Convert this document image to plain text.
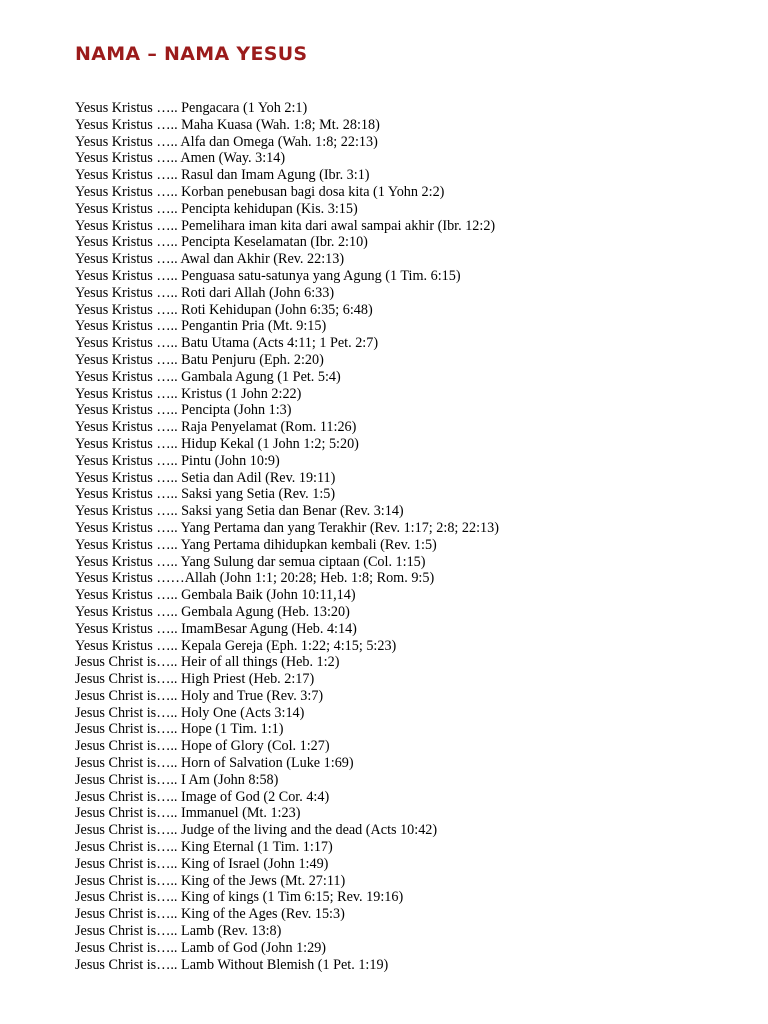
NAMA – NAMA YESUS
Yesus Kristus ….. Pengacara (1 Yoh 2:1)
Yesus Kristus ….. Maha Kuasa (Wah. 1:8; Mt. 28:18)
Yesus Kristus ….. Alfa dan Omega (Wah. 1:8; 22:13)
Yesus Kristus ….. Amen (Way. 3:14)
Yesus Kristus ….. Rasul dan Imam Agung (Ibr. 3:1)
Yesus Kristus ….. Korban penebusan bagi dosa kita (1 Yohn 2:2)
Yesus Kristus ….. Pencipta kehidupan (Kis. 3:15)
Yesus Kristus ….. Pemelihara iman kita dari awal sampai akhir (Ibr. 12:2)
Yesus Kristus ….. Pencipta Keselamatan (Ibr. 2:10)
Yesus Kristus ….. Awal dan Akhir (Rev. 22:13)
Yesus Kristus ….. Penguasa satu-satunya yang Agung (1 Tim. 6:15)
Yesus Kristus ….. Roti dari Allah (John 6:33)
Yesus Kristus ….. Roti Kehidupan (John 6:35; 6:48)
Yesus Kristus ….. Pengantin Pria (Mt. 9:15)
Yesus Kristus ….. Batu Utama (Acts 4:11; 1 Pet. 2:7)
Yesus Kristus ….. Batu Penjuru (Eph. 2:20)
Yesus Kristus ….. Gambala Agung (1 Pet. 5:4)
Yesus Kristus ….. Kristus (1 John 2:22)
Yesus Kristus ….. Pencipta (John 1:3)
Yesus Kristus ….. Raja Penyelamat (Rom. 11:26)
Yesus Kristus ….. Hidup Kekal (1 John 1:2; 5:20)
Yesus Kristus ….. Pintu (John 10:9)
Yesus Kristus ….. Setia dan Adil (Rev. 19:11)
Yesus Kristus ….. Saksi yang Setia (Rev. 1:5)
Yesus Kristus ….. Saksi yang Setia dan Benar (Rev. 3:14)
Yesus Kristus ….. Yang Pertama dan yang Terakhir (Rev. 1:17; 2:8; 22:13)
Yesus Kristus ….. Yang Pertama dihidupkan kembali (Rev. 1:5)
Yesus Kristus ….. Yang Sulung dar semua ciptaan (Col. 1:15)
Yesus Kristus ……Allah (John 1:1; 20:28; Heb. 1:8; Rom. 9:5)
Yesus Kristus ….. Gembala Baik (John 10:11,14)
Yesus Kristus ….. Gembala Agung (Heb. 13:20)
Yesus Kristus ….. ImamBesar Agung (Heb. 4:14)
Yesus Kristus ….. Kepala Gereja (Eph. 1:22; 4:15; 5:23)
Jesus Christ is….. Heir of all things (Heb. 1:2)
Jesus Christ is….. High Priest (Heb. 2:17)
Jesus Christ is….. Holy and True (Rev. 3:7)
Jesus Christ is….. Holy One (Acts 3:14)
Jesus Christ is….. Hope (1 Tim. 1:1)
Jesus Christ is….. Hope of Glory (Col. 1:27)
Jesus Christ is….. Horn of Salvation (Luke 1:69)
Jesus Christ is….. I Am (John 8:58)
Jesus Christ is….. Image of God (2 Cor. 4:4)
Jesus Christ is….. Immanuel (Mt. 1:23)
Jesus Christ is….. Judge of the living and the dead (Acts 10:42)
Jesus Christ is….. King Eternal (1 Tim. 1:17)
Jesus Christ is….. King of Israel (John 1:49)
Jesus Christ is….. King of the Jews (Mt. 27:11)
Jesus Christ is….. King of kings (1 Tim 6:15; Rev. 19:16)
Jesus Christ is….. King of the Ages (Rev. 15:3)
Jesus Christ is….. Lamb (Rev. 13:8)
Jesus Christ is….. Lamb of God (John 1:29)
Jesus Christ is….. Lamb Without Blemish (1 Pet. 1:19)
